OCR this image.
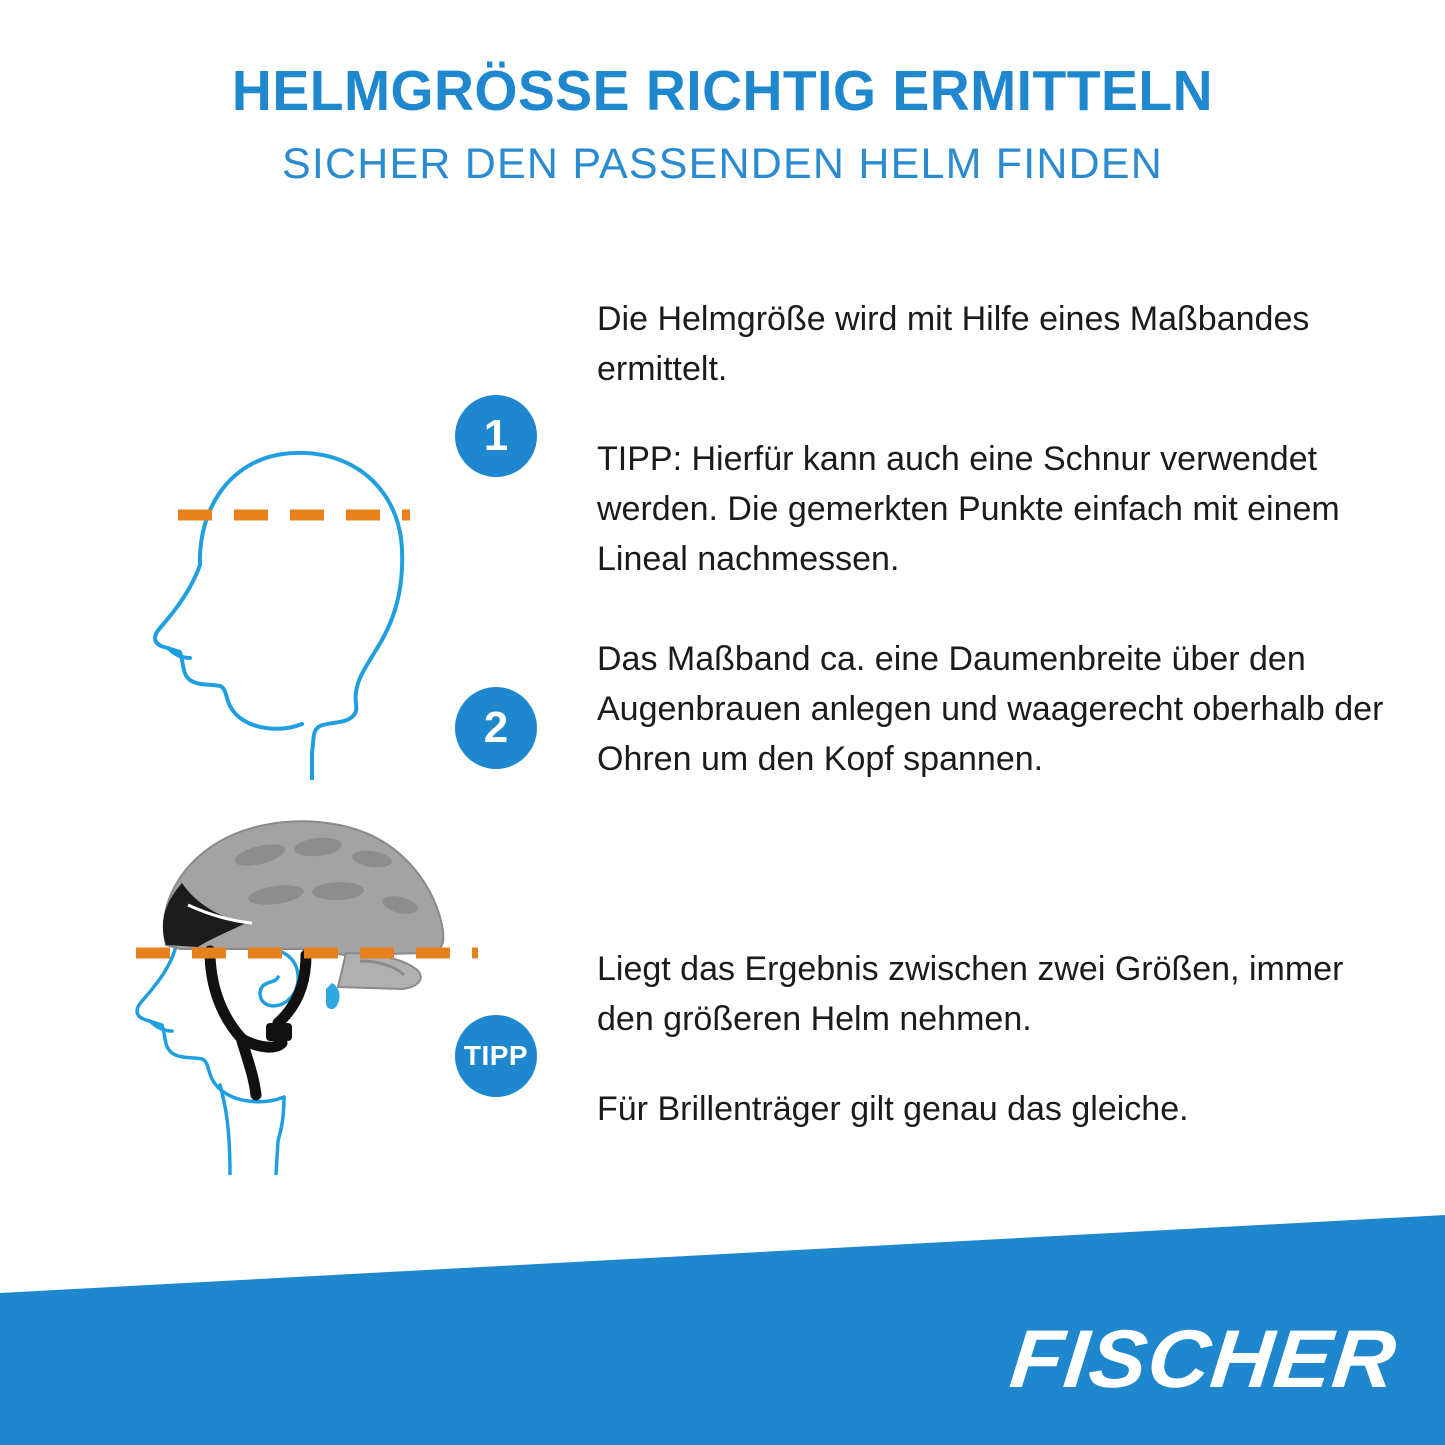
HELMGRÖSSE RICHTIG ERMITTELN
SICHER DEN PASSENDEN HELM FINDEN
1

Die Helmgröße wird mit Hilfe eines Maßbandes ermittelt.

TIPP: Hierfür kann auch eine Schnur verwendet werden. Die gemerkten Punkte einfach mit einem Lineal nachmessen.

2

Das Maßband ca. eine Daumenbreite über den Augenbrauen anlegen und waagerecht oberhalb der Ohren um den Kopf spannen.

TIPP

Liegt das Ergebnis zwischen zwei Größen, immer den größeren Helm nehmen.

Für Brillenträger gilt genau das gleiche.

FISCHER
